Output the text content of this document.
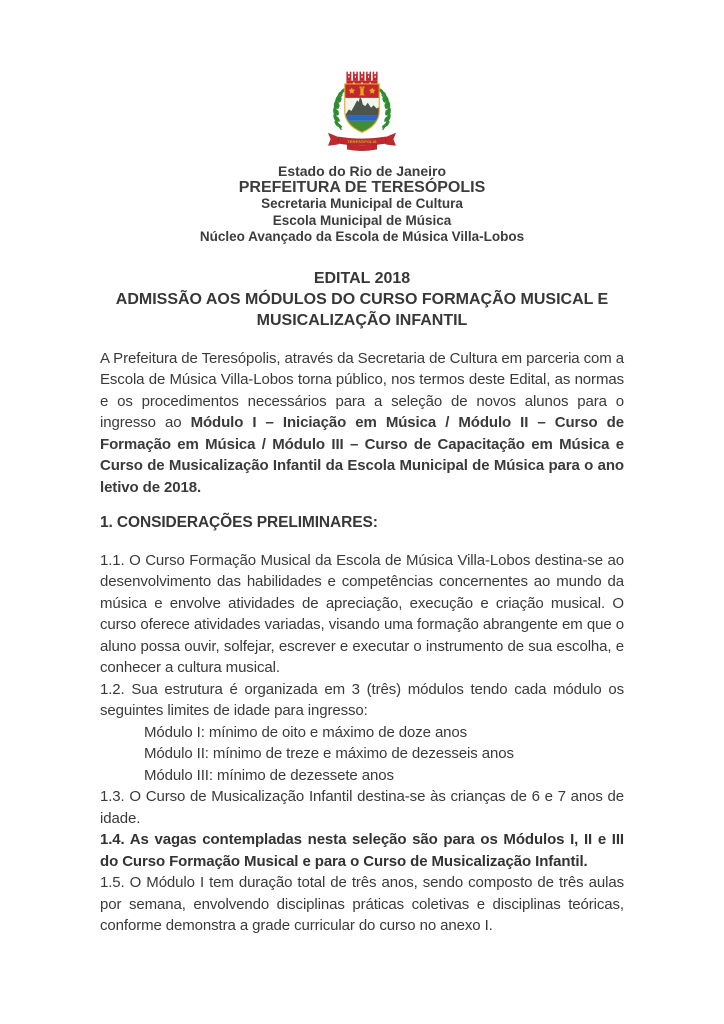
TERESÓPOLIS
Estado do Rio de Janeiro
PREFEITURA DE TERESÓPOLIS
Secretaria Municipal de Cultura
Escola Municipal de Música
Núcleo Avançado da Escola de Música Villa-Lobos
EDITAL 2018
ADMISSÃO AOS MÓDULOS DO CURSO FORMAÇÃO MUSICAL E
MUSICALIZAÇÃO INFANTIL

A Prefeitura de Teresópolis, através da Secretaria de Cultura em parceria com a Escola de Música Villa-Lobos torna público, nos termos deste Edital, as normas e os procedimentos necessários para a seleção de novos alunos para o ingresso ao Módulo I – Iniciação em Música / Módulo II – Curso de Formação em Música / Módulo III – Curso de Capacitação em Música e Curso de Musicalização Infantil da Escola Municipal de Música para o ano letivo de 2018.

1. CONSIDERAÇÕES PRELIMINARES:

1.1. O Curso Formação Musical da Escola de Música Villa-Lobos destina-se ao desenvolvimento das habilidades e competências concernentes ao mundo da música e envolve atividades de apreciação, execução e criação musical. O curso oferece atividades variadas, visando uma formação abrangente em que o aluno possa ouvir, solfejar, escrever e executar o instrumento de sua escolha, e conhecer a cultura musical.

1.2. Sua estrutura é organizada em 3 (três) módulos tendo cada módulo os seguintes limites de idade para ingresso:

Módulo I: mínimo de oito e máximo de doze anos
Módulo II: mínimo de treze e máximo de dezesseis anos
Módulo III: mínimo de dezessete anos

1.3. O Curso de Musicalização Infantil destina-se às crianças de 6 e 7 anos de idade.

1.4. As vagas contempladas nesta seleção são para os Módulos I, II e III do Curso Formação Musical e para o Curso de Musicalização Infantil.

1.5. O Módulo I tem duração total de três anos, sendo composto de três aulas por semana, envolvendo disciplinas práticas coletivas e disciplinas teóricas, conforme demonstra a grade curricular do curso no anexo I.
